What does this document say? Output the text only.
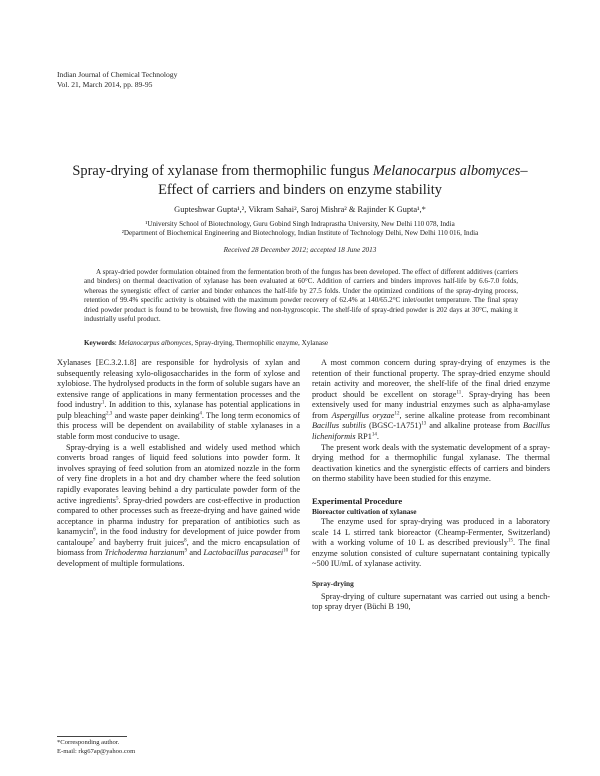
Indian Journal of Chemical Technology
Vol. 21, March 2014, pp. 89-95
Spray-drying of xylanase from thermophilic fungus Melanocarpus albomyces–
Effect of carriers and binders on enzyme stability
Gupteshwar Gupta¹,², Vikram Sahai², Saroj Mishra² & Rajinder K Gupta¹,*
¹University School of Biotechnology, Guru Gobind Singh Indraprastha University, New Delhi 110 078, India
²Department of Biochemical Engineering and Biotechnology, Indian Institute of Technology Delhi, New Delhi 110 016, India
Received 28 December 2012; accepted 18 June 2013
A spray-dried powder formulation obtained from the fermentation broth of the fungus has been developed. The effect of different additives (carriers and binders) on thermal deactivation of xylanase has been evaluated at 60°C. Addition of carriers and binders improves half-life by 6.6-7.0 folds, whereas the synergistic effect of carrier and binder enhances the half-life by 27.5 folds. Under the optimized conditions of the spray-drying process, retention of 99.4% specific activity is obtained with the maximum powder recovery of 62.4% at 140/65.2°C inlet/outlet temperature. The final spray dried powder product is found to be brownish, free flowing and non-hygroscopic. The shelf-life of spray-dried powder is 202 days at 30°C, making it industrially useful product.
Keywords: Melanocarpus albomyces, Spray-drying, Thermophilic enzyme, Xylanase

Xylanases [EC.3.2.1.8] are responsible for hydrolysis of xylan and subsequently releasing xylo-oligosaccharides in the form of xylose and xylobiose. The hydrolysed products in the form of soluble sugars have an extensive range of applications in many fermentation processes and the food industry$^1$. In addition to this, xylanase has potential applications in pulp bleaching$^{2,3}$ and waste paper deinking$^4$. The long term economics of this process will be dependent on availability of stable xylanases in a stable form most conducive to usage.

Spray-drying is a well established and widely used method which converts broad ranges of liquid feed solutions into powder form. It involves spraying of feed solution from an atomized nozzle in the form of very fine droplets in a hot and dry chamber where the feed solution rapidly evaporates leaving behind a dry particulate powder form of the active ingredients$^5$. Spray-dried powders are cost-effective in production compared to other processes such as freeze-drying and have gained wide acceptance in pharma industry for preparation of antibiotics such as kanamycin$^6$, in the food industry for development of juice powder from cantaloupe$^7$ and bayberry fruit juices$^8$, and the micro encapsulation of biomass from Trichoderma harzianum$^9$ and Lactobacillus paracasei$^{10}$ for development of multiple formulations.

A most common concern during spray-drying of enzymes is the retention of their functional property. The spray-dried enzyme should retain activity and moreover, the shelf-life of the final dried enzyme product should be excellent on storage$^{11}$. Spray-drying has been extensively used for many industrial enzymes such as alpha-amylase from Aspergillus oryzae$^{12}$, serine alkaline protease from recombinant Bacillus subtilis (BGSC-1A751)$^{13}$ and alkaline protease from Bacillus licheniformis $RP1^{14}$.

The present work deals with the systematic development of a spray-drying method for a thermophilic fungal xylanase. The thermal deactivation kinetics and the synergistic effects of carriers and binders on thermo stability have been studied for this enzyme.

Experimental Procedure
Bioreactor cultivation of xylanase

The enzyme used for spray-drying was produced in a laboratory scale 14 L stirred tank bioreactor (Cheamp-Fermenter, Switzerland) with a working volume of 10 L as described previously$^{15}$. The final enzyme solution consisted of culture supernatant containing typically ~500 IU/mL of xylanase activity.

Spray-drying

Spray-drying of culture supernatant was carried out using a bench-top spray dryer (Büchi B 190,

*Corresponding author.
E-mail: rkg67ap@yahoo.com
